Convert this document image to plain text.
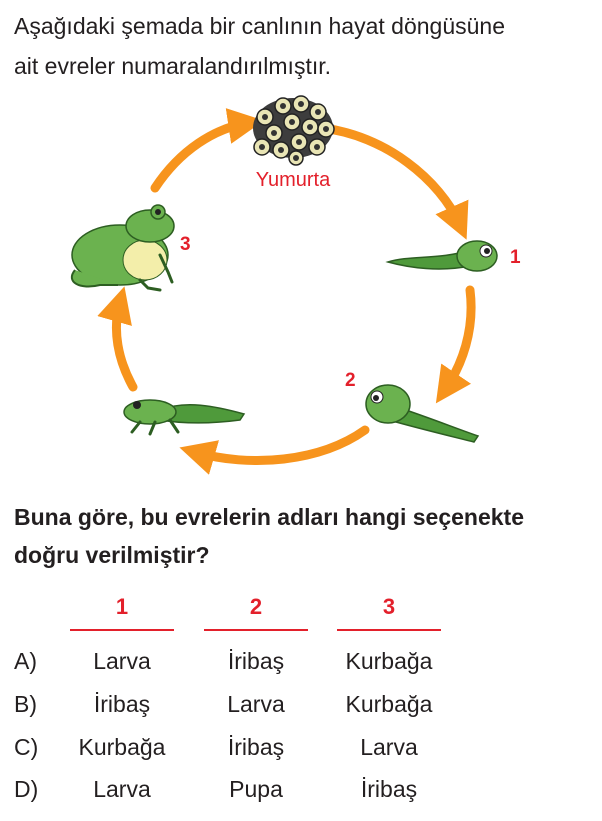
Aşağıdaki şemada bir canlının hayat döngüsüne
ait evreler numaralandırılmıştır.
Yumurta
1
2
3
Buna göre, bu evrelerin adları hangi seçenekte
doğru verilmiştir?
1	2	3
A)	Larva	İribaş	Kurbağa
B)	İribaş	Larva	Kurbağa
C)	Kurbağa	İribaş	Larva
D)	Larva	Pupa	İribaş
